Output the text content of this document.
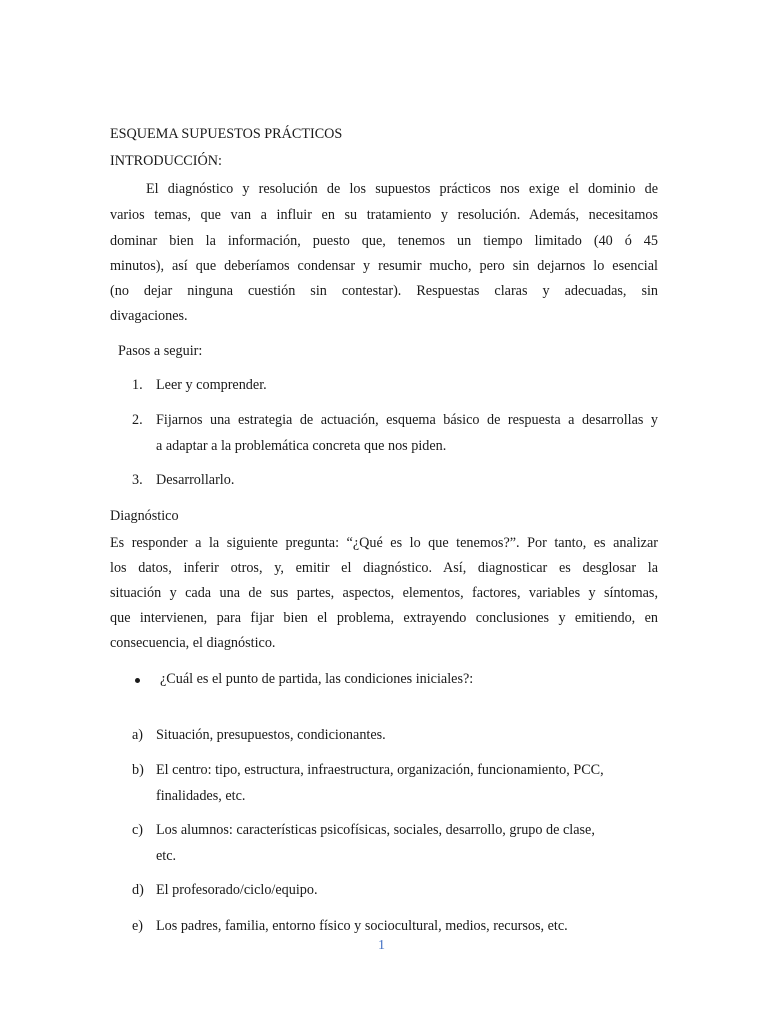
ESQUEMA SUPUESTOS PRÁCTICOS
INTRODUCCIÓN:
El diagnóstico y resolución de los supuestos prácticos nos exige el dominio de
varios temas, que van a influir en su tratamiento y resolución. Además, necesitamos
dominar bien la información, puesto que, tenemos un tiempo limitado (40 ó 45
minutos), así que deberíamos condensar y resumir mucho, pero sin dejarnos lo esencial
(no dejar ninguna cuestión sin contestar). Respuestas claras y adecuadas, sin
divagaciones.
Pasos a seguir:
1. Leer y comprender.
2. Fijarnos una estrategia de actuación, esquema básico de respuesta a desarrollas y
a adaptar a la problemática concreta que nos piden.
3. Desarrollarlo.
Diagnóstico
Es responder a la siguiente pregunta: “¿Qué es lo que tenemos?”. Por tanto, es analizar
los datos, inferir otros, y, emitir el diagnóstico. Así, diagnosticar es desglosar la
situación y cada una de sus partes, aspectos, elementos, factores, variables y síntomas,
que intervienen, para fijar bien el problema, extrayendo conclusiones y emitiendo, en
consecuencia, el diagnóstico.
¿Cuál es el punto de partida, las condiciones iniciales?:
a) Situación, presupuestos, condicionantes.
b) El centro: tipo, estructura, infraestructura, organización, funcionamiento, PCC,
finalidades, etc.
c) Los alumnos: características psicofísicas, sociales, desarrollo, grupo de clase,
etc.
d) El profesorado/ciclo/equipo.
e) Los padres, familia, entorno físico y sociocultural, medios, recursos, etc.
1
